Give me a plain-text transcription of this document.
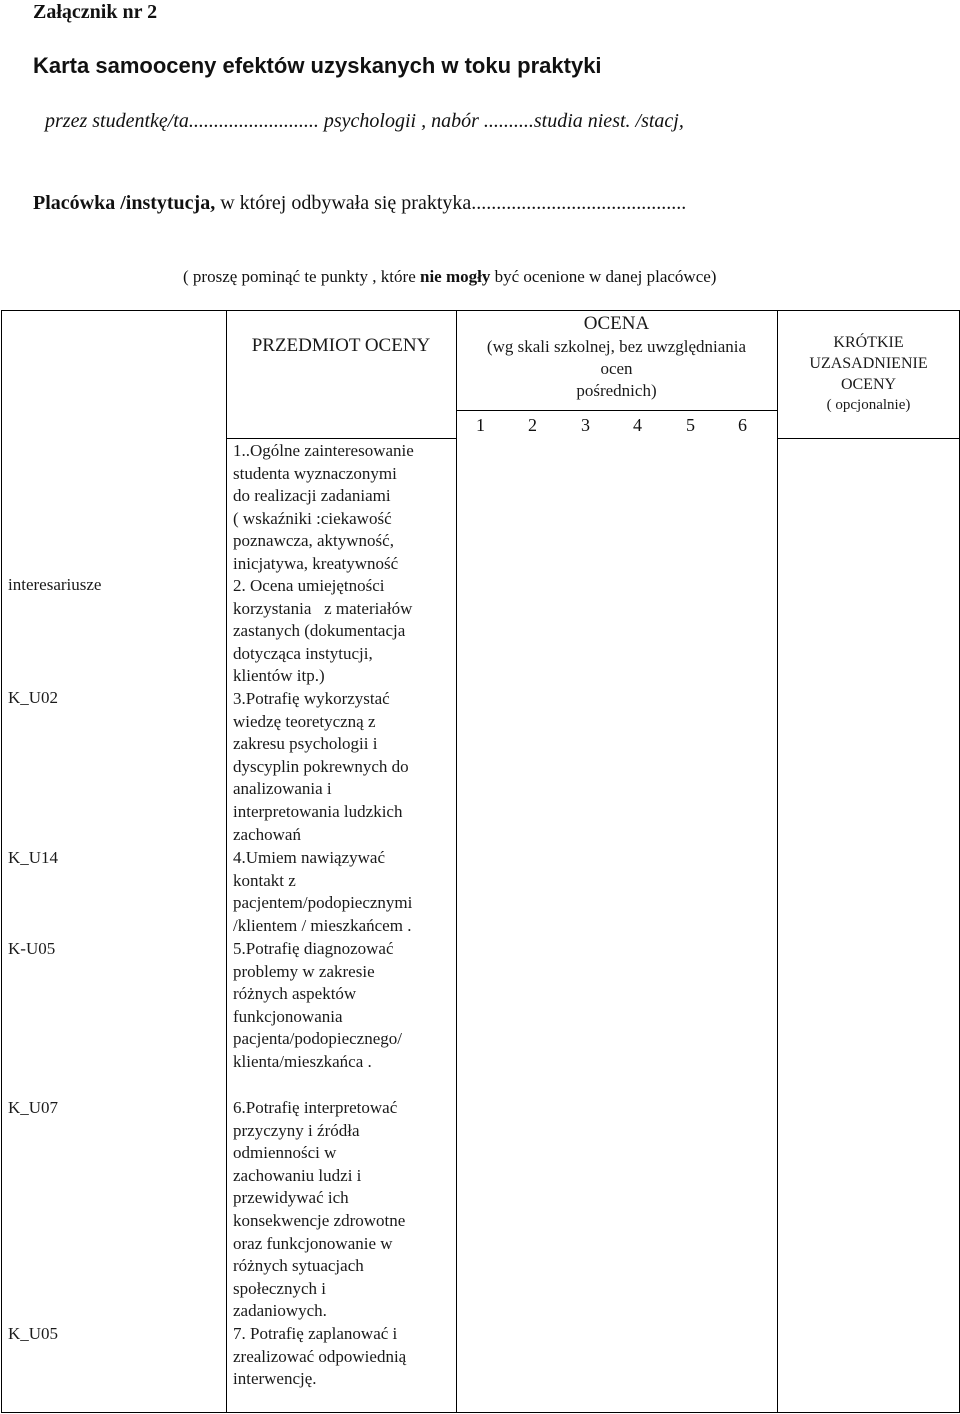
Załącznik nr 2
Karta samooceny efektów uzyskanych w toku praktyki
przez studentkę/ta.......................... psychologii , nabór ..........studia niest. /stacj,
Placówka /instytucja, w której odbywała się praktyka...........................................
( proszę pominąć te punkty , które nie mogły być ocenione w danej placówce)
PRZEDMIOT OCENY
OCENA
(wg skali szkolnej, bez uwzględniania
ocen
pośrednich)
1 2 3 4 5 6
KRÓTKIE
UZASADNIENIE
OCENY
( opcjonalnie)
interesariusze
K_U02
K_U14
K-U05
K_U07
K_U05
1..Ogólne zainteresowanie
studenta wyznaczonymi
do realizacji zadaniami
( wskaźniki :ciekawość
poznawcza, aktywność,
inicjatywa, kreatywność
2. Ocena umiejętności
korzystania   z materiałów
zastanych (dokumentacja
dotycząca instytucji,
klientów itp.)
3.Potrafię wykorzystać
wiedzę teoretyczną z
zakresu psychologii i
dyscyplin pokrewnych do
analizowania i
interpretowania ludzkich
zachowań
4.Umiem nawiązywać
kontakt z
pacjentem/podopiecznymi
/klientem / mieszkańcem .
5.Potrafię diagnozować
problemy w zakresie
różnych aspektów
funkcjonowania
pacjenta/podopiecznego/
klienta/mieszkańca .
6.Potrafię interpretować
przyczyny i źródła
odmienności w
zachowaniu ludzi i
przewidywać ich
konsekwencje zdrowotne
oraz funkcjonowanie w
różnych sytuacjach
społecznych i
zadaniowych.
7. Potrafię zaplanować i
zrealizować odpowiednią
interwencję.
